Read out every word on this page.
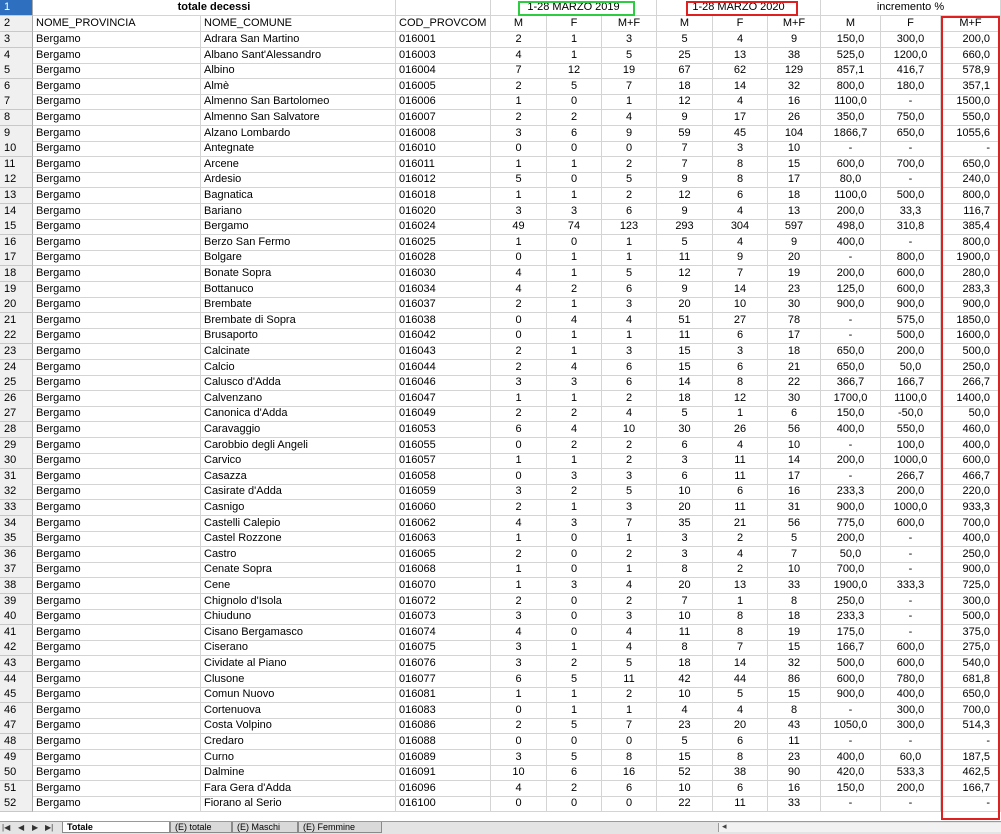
1	totale decessi	1-28 MARZO 2019	1-28 MARZO 2020	incremento %
2	NOME_PROVINCIA	NOME_COMUNE	COD_PROVCOM	M	F	M+F	M	F	M+F	M	F	M+F
3	Bergamo	Adrara San Martino	016001	2	1	3	5	4	9	150,0	300,0	200,0
4	Bergamo	Albano Sant'Alessandro	016003	4	1	5	25	13	38	525,0	1200,0	660,0
5	Bergamo	Albino	016004	7	12	19	67	62	129	857,1	416,7	578,9
6	Bergamo	Almè	016005	2	5	7	18	14	32	800,0	180,0	357,1
7	Bergamo	Almenno San Bartolomeo	016006	1	0	1	12	4	16	1100,0	-	1500,0
8	Bergamo	Almenno San Salvatore	016007	2	2	4	9	17	26	350,0	750,0	550,0
9	Bergamo	Alzano Lombardo	016008	3	6	9	59	45	104	1866,7	650,0	1055,6
10	Bergamo	Antegnate	016010	0	0	0	7	3	10	-	-	-
11	Bergamo	Arcene	016011	1	1	2	7	8	15	600,0	700,0	650,0
12	Bergamo	Ardesio	016012	5	0	5	9	8	17	80,0	-	240,0
13	Bergamo	Bagnatica	016018	1	1	2	12	6	18	1100,0	500,0	800,0
14	Bergamo	Bariano	016020	3	3	6	9	4	13	200,0	33,3	116,7
15	Bergamo	Bergamo	016024	49	74	123	293	304	597	498,0	310,8	385,4
16	Bergamo	Berzo San Fermo	016025	1	0	1	5	4	9	400,0	-	800,0
17	Bergamo	Bolgare	016028	0	1	1	11	9	20	-	800,0	1900,0
18	Bergamo	Bonate Sopra	016030	4	1	5	12	7	19	200,0	600,0	280,0
19	Bergamo	Bottanuco	016034	4	2	6	9	14	23	125,0	600,0	283,3
20	Bergamo	Brembate	016037	2	1	3	20	10	30	900,0	900,0	900,0
21	Bergamo	Brembate di Sopra	016038	0	4	4	51	27	78	-	575,0	1850,0
22	Bergamo	Brusaporto	016042	0	1	1	11	6	17	-	500,0	1600,0
23	Bergamo	Calcinate	016043	2	1	3	15	3	18	650,0	200,0	500,0
24	Bergamo	Calcio	016044	2	4	6	15	6	21	650,0	50,0	250,0
25	Bergamo	Calusco d'Adda	016046	3	3	6	14	8	22	366,7	166,7	266,7
26	Bergamo	Calvenzano	016047	1	1	2	18	12	30	1700,0	1100,0	1400,0
27	Bergamo	Canonica d'Adda	016049	2	2	4	5	1	6	150,0	-50,0	50,0
28	Bergamo	Caravaggio	016053	6	4	10	30	26	56	400,0	550,0	460,0
29	Bergamo	Carobbio degli Angeli	016055	0	2	2	6	4	10	-	100,0	400,0
30	Bergamo	Carvico	016057	1	1	2	3	11	14	200,0	1000,0	600,0
31	Bergamo	Casazza	016058	0	3	3	6	11	17	-	266,7	466,7
32	Bergamo	Casirate d'Adda	016059	3	2	5	10	6	16	233,3	200,0	220,0
33	Bergamo	Casnigo	016060	2	1	3	20	11	31	900,0	1000,0	933,3
34	Bergamo	Castelli Calepio	016062	4	3	7	35	21	56	775,0	600,0	700,0
35	Bergamo	Castel Rozzone	016063	1	0	1	3	2	5	200,0	-	400,0
36	Bergamo	Castro	016065	2	0	2	3	4	7	50,0	-	250,0
37	Bergamo	Cenate Sopra	016068	1	0	1	8	2	10	700,0	-	900,0
38	Bergamo	Cene	016070	1	3	4	20	13	33	1900,0	333,3	725,0
39	Bergamo	Chignolo d'Isola	016072	2	0	2	7	1	8	250,0	-	300,0
40	Bergamo	Chiuduno	016073	3	0	3	10	8	18	233,3	-	500,0
41	Bergamo	Cisano Bergamasco	016074	4	0	4	11	8	19	175,0	-	375,0
42	Bergamo	Ciserano	016075	3	1	4	8	7	15	166,7	600,0	275,0
43	Bergamo	Cividate al Piano	016076	3	2	5	18	14	32	500,0	600,0	540,0
44	Bergamo	Clusone	016077	6	5	11	42	44	86	600,0	780,0	681,8
45	Bergamo	Comun Nuovo	016081	1	1	2	10	5	15	900,0	400,0	650,0
46	Bergamo	Cortenuova	016083	0	1	1	4	4	8	-	300,0	700,0
47	Bergamo	Costa Volpino	016086	2	5	7	23	20	43	1050,0	300,0	514,3
48	Bergamo	Credaro	016088	0	0	0	5	6	11	-	-	-
49	Bergamo	Curno	016089	3	5	8	15	8	23	400,0	60,0	187,5
50	Bergamo	Dalmine	016091	10	6	16	52	38	90	420,0	533,3	462,5
51	Bergamo	Fara Gera d'Adda	016096	4	2	6	10	6	16	150,0	200,0	166,7
52	Bergamo	Fiorano al Serio	016100	0	0	0	22	11	33	-	-	-
|◀ ◀ ▶ ▶|	Totale	(E) totale	(E) Maschi	(E) Femmine	◂
